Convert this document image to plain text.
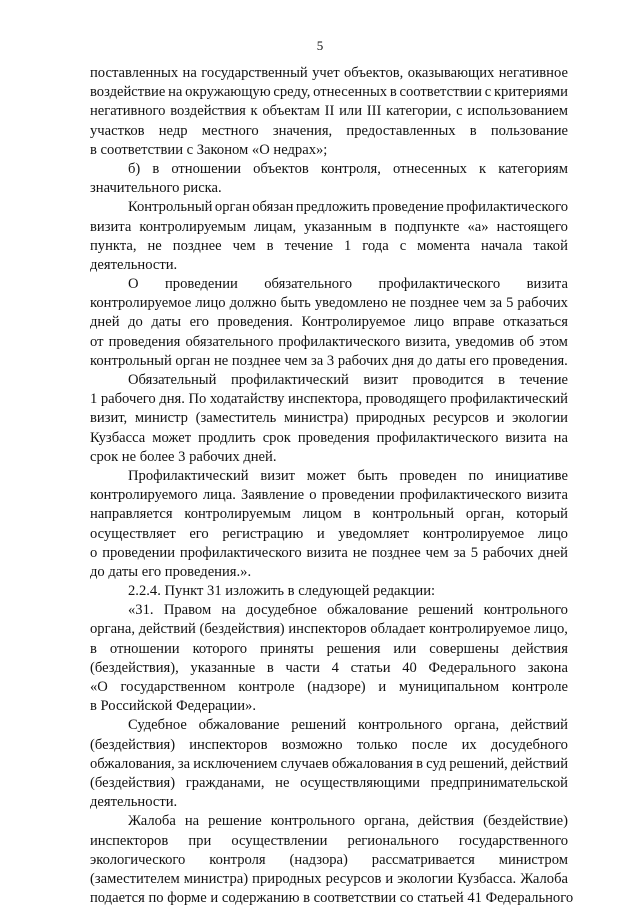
5
поставленных на государственный учет объектов, оказывающих негативное
воздействие на окружающую среду, отнесенных в соответствии с критериями
негативного воздействия к объектам II или III категории, с использованием
участков недр местного значения, предоставленных в пользование
в соответствии с Законом «О недрах»;
б) в отношении объектов контроля, отнесенных к категориям
значительного риска.
Контрольный орган обязан предложить проведение профилактического
визита контролируемым лицам, указанным в подпункте «а» настоящего
пункта, не позднее чем в течение 1 года с момента начала такой
деятельности.
О проведении обязательного профилактического визита
контролируемое лицо должно быть уведомлено не позднее чем за 5 рабочих
дней до даты его проведения. Контролируемое лицо вправе отказаться
от проведения обязательного профилактического визита, уведомив об этом
контрольный орган не позднее чем за 3 рабочих дня до даты его проведения.
Обязательный профилактический визит проводится в течение
1 рабочего дня. По ходатайству инспектора, проводящего профилактический
визит, министр (заместитель министра) природных ресурсов и экологии
Кузбасса может продлить срок проведения профилактического визита на
срок не более 3 рабочих дней.
Профилактический визит может быть проведен по инициативе
контролируемого лица. Заявление о проведении профилактического визита
направляется контролируемым лицом в контрольный орган, который
осуществляет его регистрацию и уведомляет контролируемое лицо
о проведении профилактического визита не позднее чем за 5 рабочих дней
до даты его проведения.».
2.2.4. Пункт 31 изложить в следующей редакции:
«31. Правом на досудебное обжалование решений контрольного
органа, действий (бездействия) инспекторов обладает контролируемое лицо,
в отношении которого приняты решения или совершены действия
(бездействия), указанные в части 4 статьи 40 Федерального закона
«О государственном контроле (надзоре) и муниципальном контроле
в Российской Федерации».
Судебное обжалование решений контрольного органа, действий
(бездействия) инспекторов возможно только после их досудебного
обжалования, за исключением случаев обжалования в суд решений, действий
(бездействия) гражданами, не осуществляющими предпринимательской
деятельности.
Жалоба на решение контрольного органа, действия (бездействие)
инспекторов при осуществлении регионального государственного
экологического контроля (надзора) рассматривается министром
(заместителем министра) природных ресурсов и экологии Кузбасса. Жалоба
подается по форме и содержанию в соответствии со статьей 41 Федерального
